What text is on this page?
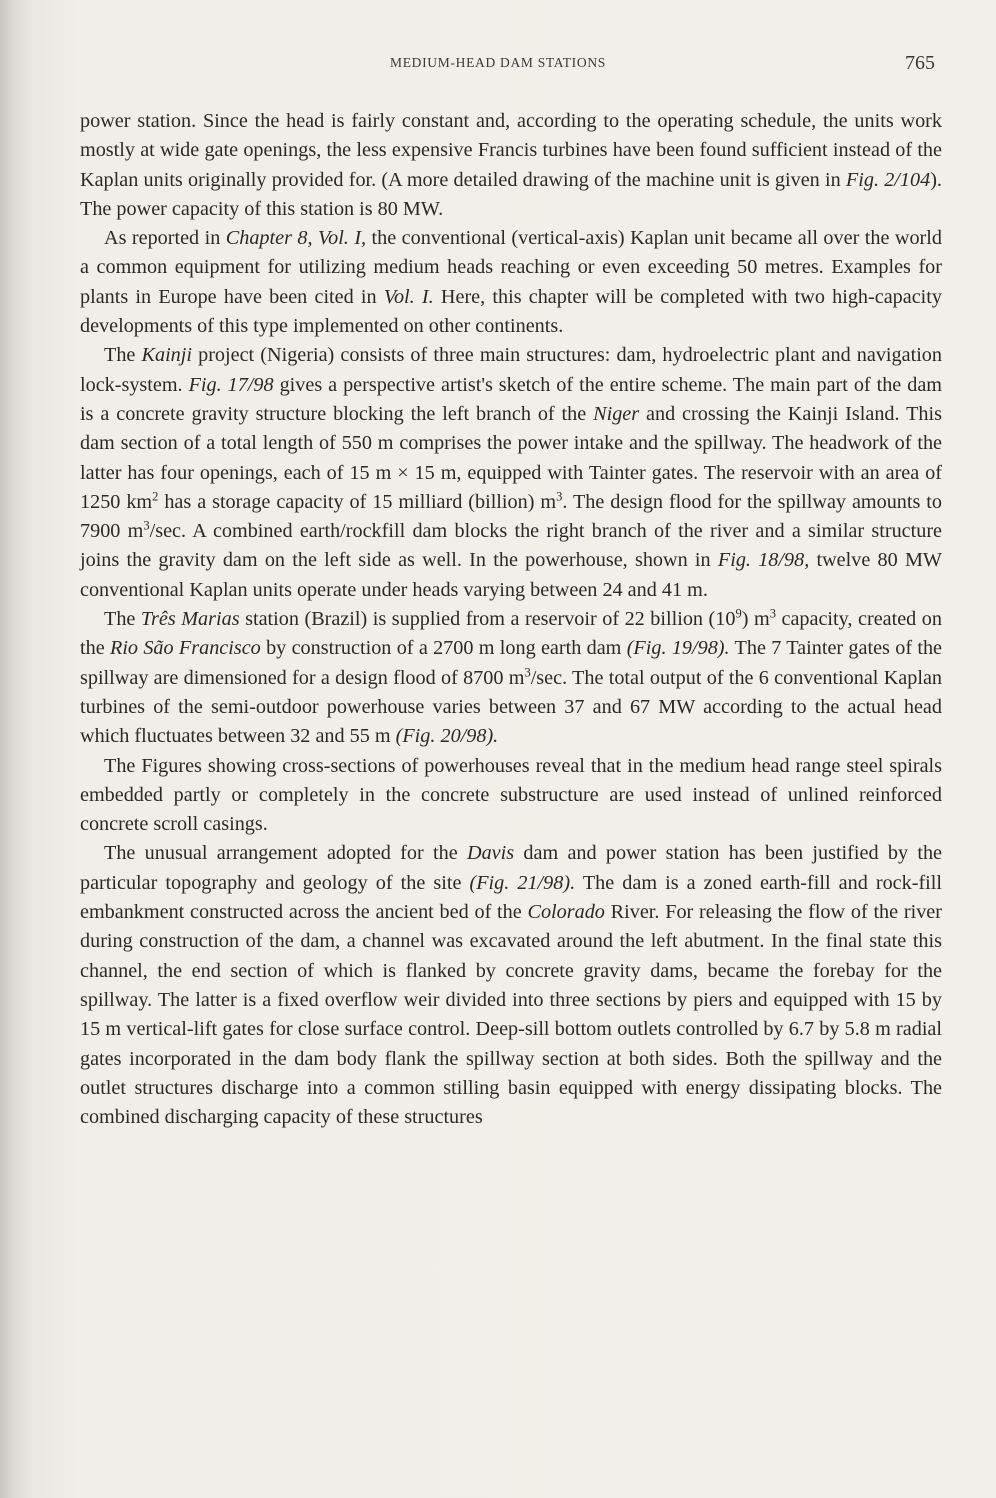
MEDIUM-HEAD DAM STATIONS	765

power station. Since the head is fairly constant and, according to the operating schedule, the units work mostly at wide gate openings, the less expensive Francis turbines have been found sufficient instead of the Kaplan units originally provided for. (A more detailed drawing of the machine unit is given in Fig. 2/104). The power capacity of this station is 80 MW.

As reported in Chapter 8, Vol. I, the conventional (vertical-axis) Kaplan unit became all over the world a common equipment for utilizing medium heads reaching or even exceeding 50 metres. Examples for plants in Europe have been cited in Vol. I. Here, this chapter will be completed with two high-capacity developments of this type implemented on other continents.

The Kainji project (Nigeria) consists of three main structures: dam, hydroelectric plant and navigation lock-system. Fig. 17/98 gives a perspective artist's sketch of the entire scheme. The main part of the dam is a concrete gravity structure blocking the left branch of the Niger and crossing the Kainji Island. This dam section of a total length of 550 m comprises the power intake and the spillway. The headwork of the latter has four openings, each of 15 m × 15 m, equipped with Tainter gates. The reservoir with an area of 1250 $km^2$ has a storage capacity of 15 milliard (billion) $m^3$. The design flood for the spillway amounts to 7900 $m^3/\sec$. A combined earth/rockfill dam blocks the right branch of the river and a similar structure joins the gravity dam on the left side as well. In the powerhouse, shown in Fig. 18/98, twelve 80 MW conventional Kaplan units operate under heads varying between 24 and 41 m.

The Três Marias station (Brazil) is supplied from a reservoir of 22 billion $(10^9)$ $m^3$ capacity, created on the Rio São Francisco by construction of a 2700 m long earth dam (Fig. 19/98). The 7 Tainter gates of the spillway are dimensioned for a design flood of 8700 $m^3/\sec$. The total output of the 6 conventional Kaplan turbines of the semi-outdoor powerhouse varies between 37 and 67 MW according to the actual head which fluctuates between 32 and 55 m (Fig. 20/98).

The Figures showing cross-sections of powerhouses reveal that in the medium head range steel spirals embedded partly or completely in the concrete substructure are used instead of unlined reinforced concrete scroll casings.

The unusual arrangement adopted for the Davis dam and power station has been justified by the particular topography and geology of the site (Fig. 21/98). The dam is a zoned earth-fill and rock-fill embankment constructed across the ancient bed of the Colorado River. For releasing the flow of the river during construction of the dam, a channel was excavated around the left abutment. In the final state this channel, the end section of which is flanked by concrete gravity dams, became the forebay for the spillway. The latter is a fixed overflow weir divided into three sections by piers and equipped with 15 by 15 m vertical-lift gates for close surface control. Deep-sill bottom outlets controlled by 6.7 by 5.8 m radial gates incorporated in the dam body flank the spillway section at both sides. Both the spillway and the outlet structures discharge into a common stilling basin equipped with energy dissipating blocks. The combined discharging capacity of these structures
